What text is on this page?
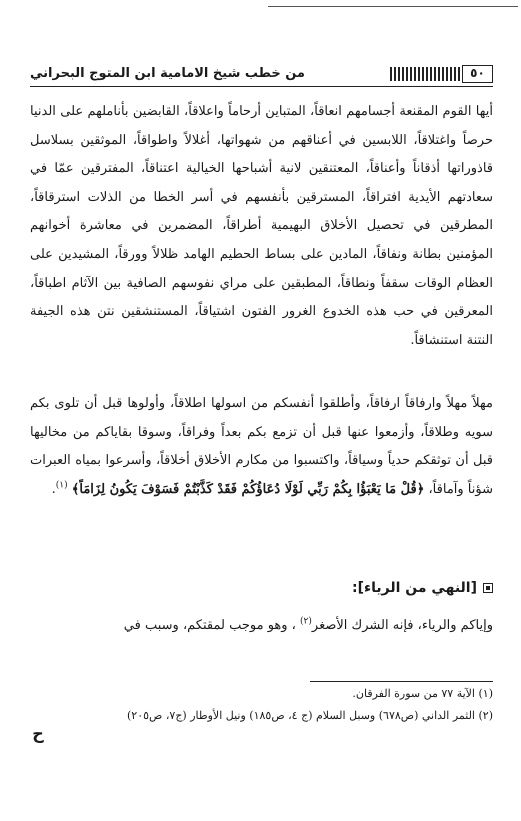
من خطب شيخ الامامية ابن المتوج البحراني	٥٠
أيها القوم المقنعة أجسامهم انعاقاً، المتباين أرحاماً واعلاقاً، القابضين بأناملهم على الدنيا حرصاً واغتلاقاً، اللابسين في أعناقهم من شهواتها، أغلالاً واطواقاً، الموثقين بسلاسل قاذوراتها أذقاناً وأعناقاً، المعتنقين لانية أشباحها الخيالية اعتناقاً، المفترقين عمّا في سعادتهم الأيدية افتراقاً، المسترقين بأنفسهم في أسر الخطا من الذلات استرقاقاً، المطرقين في تحصيل الأخلاق البهيمية أطراقاً، المضمرين في معاشرة أخوانهم المؤمنين بطانة ونفاقاً، المادين على بساط الحطيم الهامد ظلالاً وورقاً، المشيدين على العظام الوقات سقفاً ونطاقاً، المطبقين على مراي نفوسهم الصافية بين الآثام اطباقاً، المعرقين في حب هذه الخدوع الغرور الفتون اشتياقاً، المستنشقين نتن هذه الجيفة النتنة استنشاقاً.
مهلاً مهلاً وارفاقاً ارفاقاً، وأطلقوا أنفسكم من اسولها اطلاقاً، وأولوها قبل أن تلوى بكم سويه وطلاقاً، وأزمعوا عنها قبل أن تزمع بكم بعداً وفراقاً، وسوقا بقاياكم من مخاليها قبل أن توثقكم حدياً وسياقاً، واكتسبوا من مكارم الأخلاق أخلاقاً، وأسرعوا بمياه العبرات شؤناً وآماقاً، ﴿قُلْ مَا يَعْبَؤُا بِكُمْ رَبِّي لَوْلَا دُعَاؤُكُمْ فَقَدْ كَذَّبْتُمْ فَسَوْفَ يَكُونُ لِزَامَاً﴾ $^{(١)}$.
[النهي من الرياء]:
وإياكم والرياء، فإنه الشرك الأصغر$^{(٢)}$ ، وهو موجب لمقتكم، وسبب في
(١) الآية ٧٧ من سورة الفرقان.
(٢) الثمر الداني (ص٦٧٨) وسبل السلام (ج ٤، ص١٨٥) ونيل الأوطار (ج٧، ص٢٠٥)
ح
